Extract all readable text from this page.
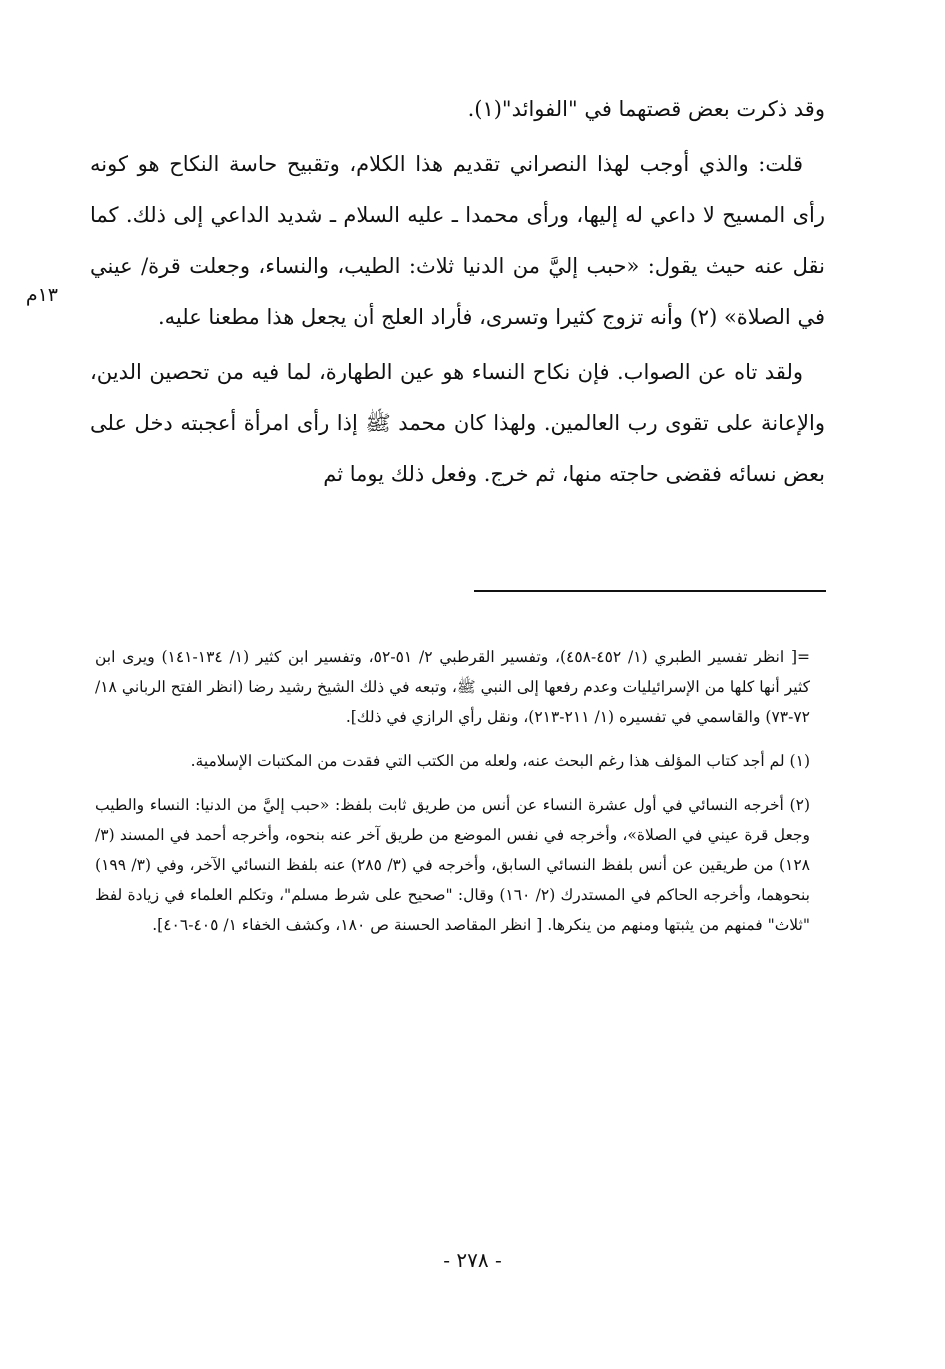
١٣م

وقد ذكرت بعض قصتهما في "الفوائد"(١).

قلت: والذي أوجب لهذا النصراني تقديم هذا الكلام، وتقبيح حاسة النكاح هو كونه رأى المسيح لا داعي له إليها، ورأى محمدا ـ عليه السلام ـ شديد الداعي إلى ذلك. كما نقل عنه حيث يقول: «حبب إليَّ من الدنيا ثلاث: الطيب، والنساء، وجعلت قرة/ عيني في الصلاة» (٢) وأنه تزوج كثيرا وتسرى، فأراد العلج أن يجعل هذا مطعنا عليه.

ولقد تاه عن الصواب. فإن نكاح النساء هو عين الطهارة، لما فيه من تحصين الدين، والإعانة على تقوى رب العالمين. ولهذا كان محمد ﷺ إذا رأى امرأة أعجبته دخل على بعض نسائه فقضى حاجته منها، ثم خرج. وفعل ذلك يوما ثم

=[ انظر تفسير الطبري (١/ ٤٥٢-٤٥٨)، وتفسير القرطبي ٢/ ٥١-٥٢، وتفسير ابن كثير (١/ ١٣٤-١٤١) ويرى ابن كثير أنها كلها من الإسرائيليات وعدم رفعها إلى النبي ﷺ، وتبعه في ذلك الشيخ رشيد رضا (انظر الفتح الرباني ١٨/ ٧٢-٧٣) والقاسمي في تفسيره (١/ ٢١١-٢١٣)، ونقل رأي الرازي في ذلك].

(١) لم أجد كتاب المؤلف هذا رغم البحث عنه، ولعله من الكتب التي فقدت من المكتبات الإسلامية.

(٢) أخرجه النسائي في أول عشرة النساء عن أنس من طريق ثابت بلفظ: «حبب إليَّ من الدنيا: النساء والطيب وجعل قرة عيني في الصلاة»، وأخرجه في نفس الموضع من طريق آخر عنه بنحوه، وأخرجه أحمد في المسند (٣/ ١٢٨) من طريقين عن أنس بلفظ النسائي السابق، وأخرجه في (٣/ ٢٨٥) عنه بلفظ النسائي الآخر، وفي (٣/ ١٩٩) بنحوهما، وأخرجه الحاكم في المستدرك (٢/ ١٦٠) وقال: "صحيح على شرط مسلم"، وتكلم العلماء في زيادة لفظ "ثلاث" فمنهم من يثبتها ومنهم من ينكرها. [ انظر المقاصد الحسنة ص ١٨٠، وكشف الخفاء ١/ ٤٠٥-٤٠٦].

- ٢٧٨ -
